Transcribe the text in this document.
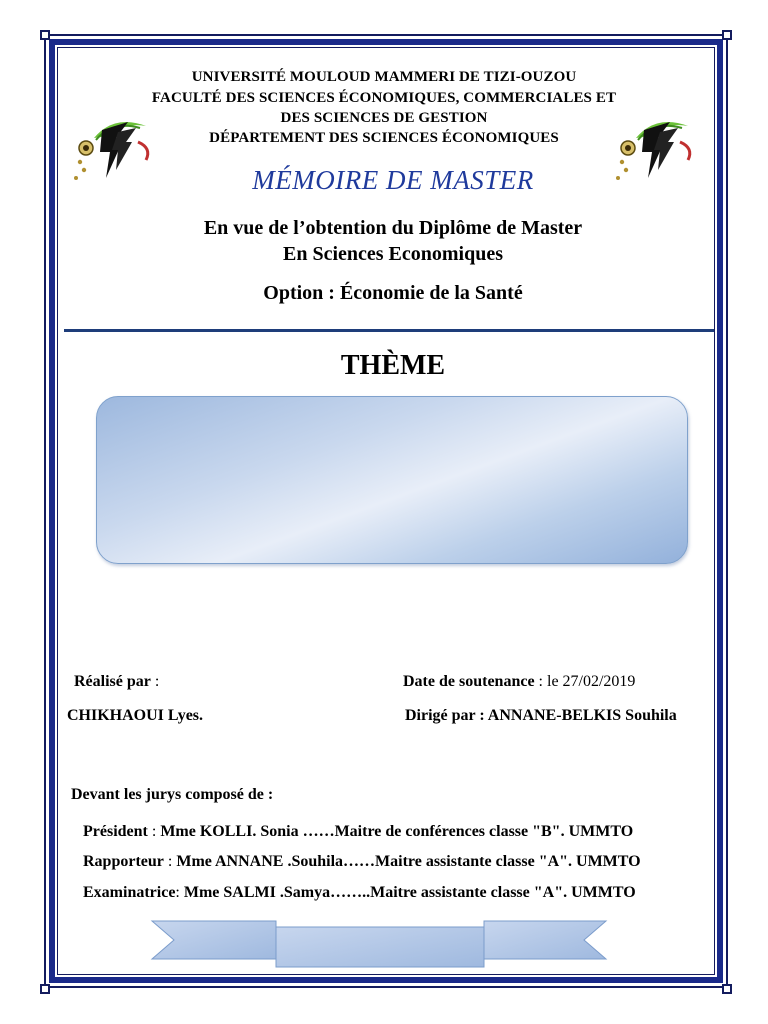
UNIVERSITÉ MOULOUD MAMMERI DE TIZI-OUZOU
FACULTÉ DES SCIENCES ÉCONOMIQUES, COMMERCIALES ET
DES SCIENCES DE GESTION
DÉPARTEMENT DES SCIENCES ÉCONOMIQUES
MÉMOIRE DE MASTER
En vue de l’obtention du Diplôme de Master
En Sciences Economiques
Option : Économie de la Santé
THÈME
Réalisé par :	Date de soutenance : le 27/02/2019
CHIKHAOUI Lyes.	Dirigé par : ANNANE-BELKIS Souhila
Devant les jurys composé de :
Président : Mme KOLLI. Sonia ……Maitre de conférences classe "B". UMMTO
Rapporteur : Mme ANNANE .Souhila……Maitre assistante classe "A". UMMTO
Examinatrice: Mme SALMI .Samya……..Maitre assistante classe "A". UMMTO
